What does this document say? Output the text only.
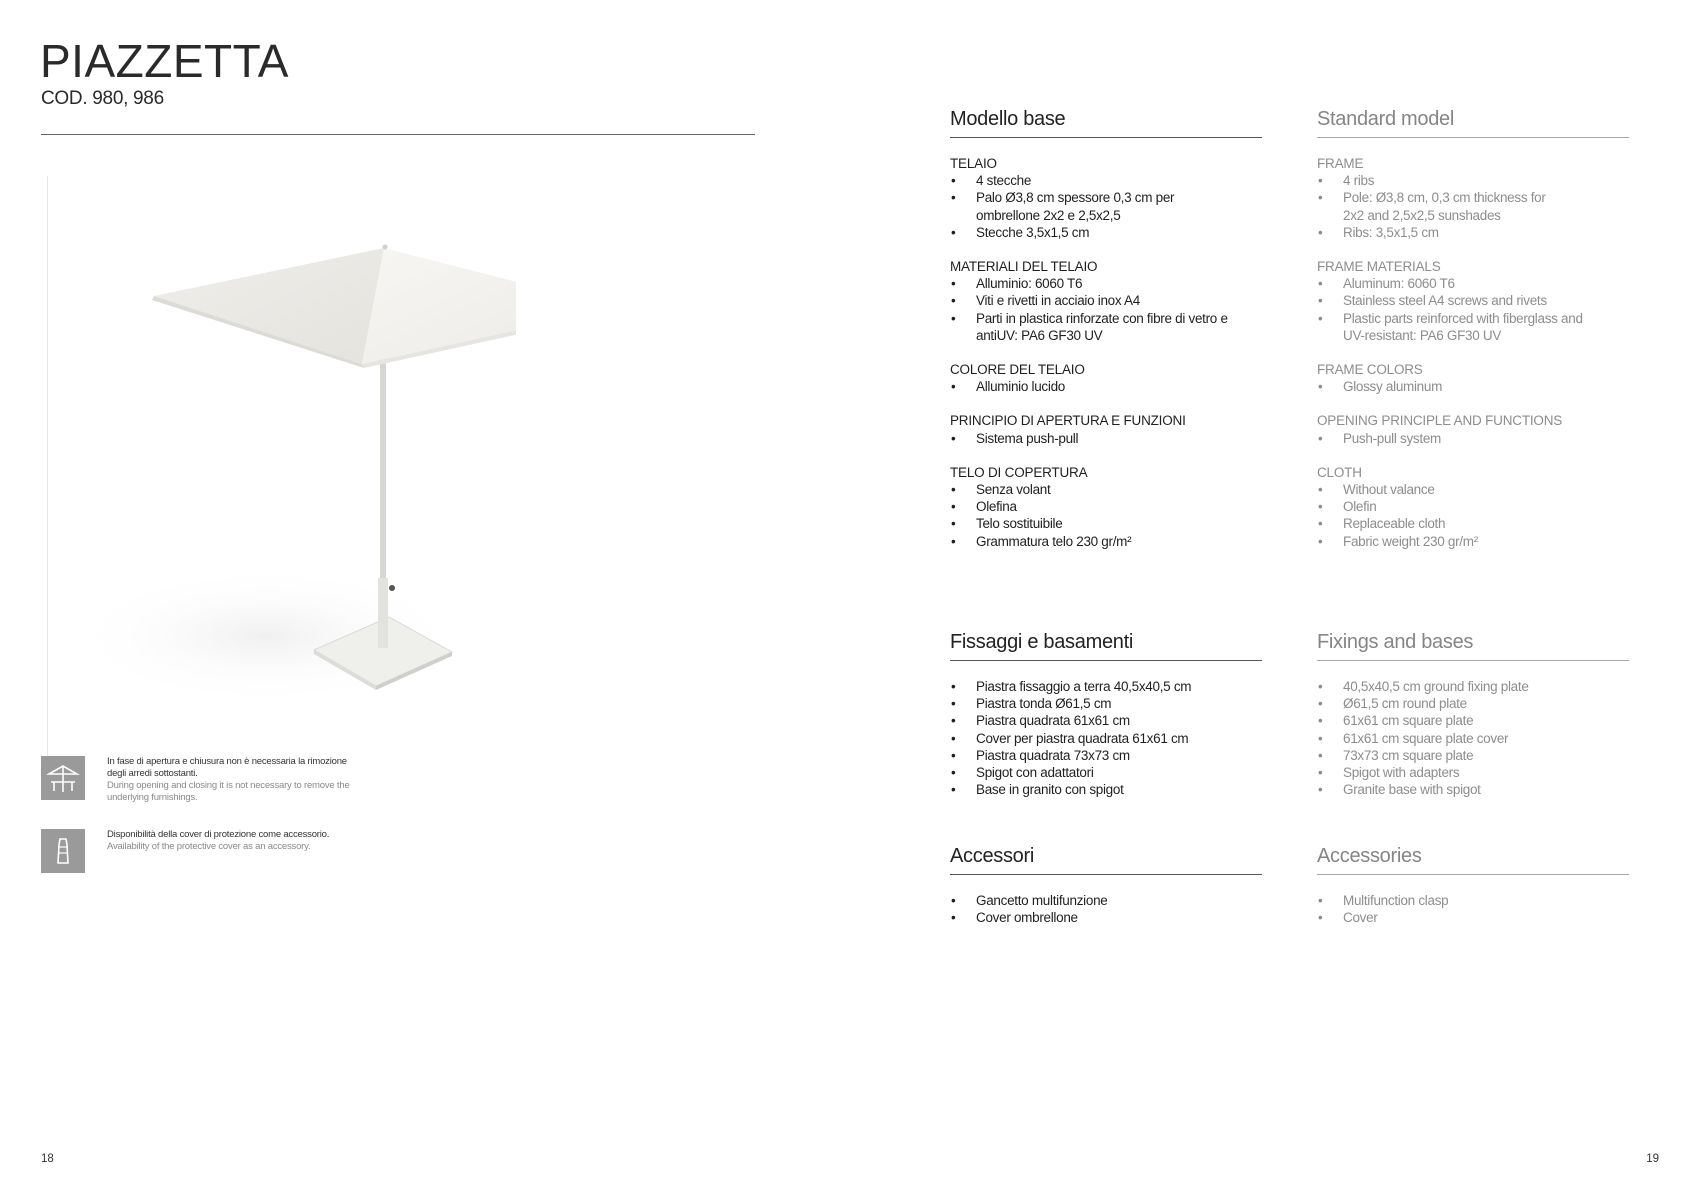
PIAZZETTA
COD. 980, 986
In fase di apertura e chiusura non è necessaria la rimozione degli arredi sottostanti.
During opening and closing it is not necessary to remove the underlying furnishings.
Disponibilità della cover di protezione come accessorio.
Availability of the protective cover as an accessory.
Modello base
TELAIO
• 4 stecche
• Palo Ø3,8 cm spessore 0,3 cm per ombrellone 2x2 e 2,5x2,5
• Stecche 3,5x1,5 cm
MATERIALI DEL TELAIO
• Alluminio: 6060 T6
• Viti e rivetti in acciaio inox A4
• Parti in plastica rinforzate con fibre di vetro e antiUV: PA6 GF30 UV
COLORE DEL TELAIO
• Alluminio lucido
PRINCIPIO DI APERTURA E FUNZIONI
• Sistema push-pull
TELO DI COPERTURA
• Senza volant
• Olefina
• Telo sostituibile
• Grammatura telo 230 gr/m²
Standard model
FRAME
• 4 ribs
• Pole: Ø3,8 cm, 0,3 cm thickness for 2x2 and 2,5x2,5 sunshades
• Ribs: 3,5x1,5 cm
FRAME MATERIALS
• Aluminum: 6060 T6
• Stainless steel A4 screws and rivets
• Plastic parts reinforced with fiberglass and UV-resistant: PA6 GF30 UV
FRAME COLORS
• Glossy aluminum
OPENING PRINCIPLE AND FUNCTIONS
• Push-pull system
CLOTH
• Without valance
• Olefin
• Replaceable cloth
• Fabric weight 230 gr/m²
Fissaggi e basamenti
• Piastra fissaggio a terra 40,5x40,5 cm
• Piastra tonda Ø61,5 cm
• Piastra quadrata 61x61 cm
• Cover per piastra quadrata 61x61 cm
• Piastra quadrata 73x73 cm
• Spigot con adattatori
• Base in granito con spigot
Fixings and bases
• 40,5x40,5 cm ground fixing plate
• Ø61,5 cm round plate
• 61x61 cm square plate
• 61x61 cm square plate cover
• 73x73 cm square plate
• Spigot with adapters
• Granite base with spigot
Accessori
• Gancetto multifunzione
• Cover ombrellone
Accessories
• Multifunction clasp
• Cover
18	19
